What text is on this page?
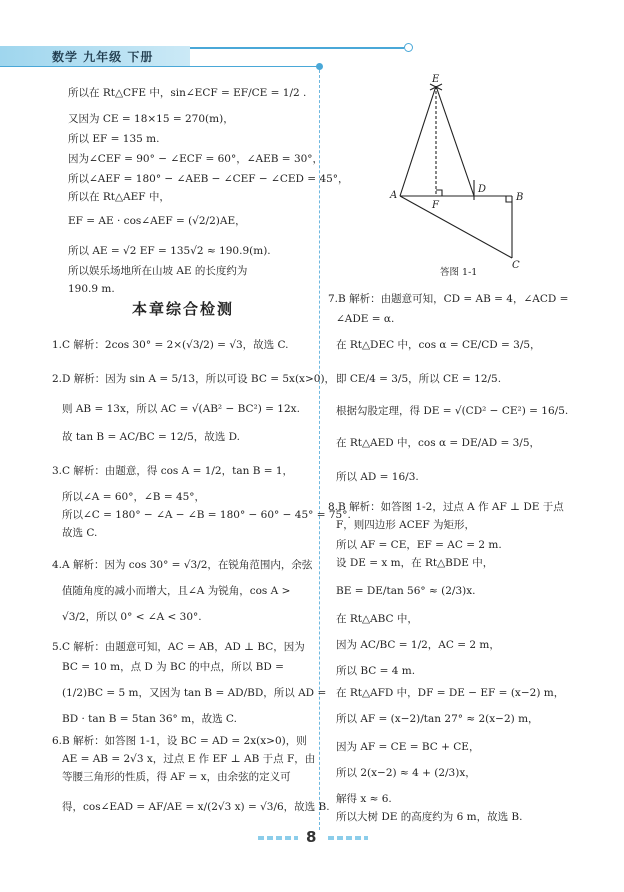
数学 九年级 下册
所以在 Rt△CFE 中，sin∠ECF = EF/CE = 1/2 .
又因为 CE = 18×15 = 270(m)，
所以 EF = 135 m.
因为∠CEF = 90° − ∠ECF = 60°，∠AEB = 30°，
所以∠AEF = 180° − ∠AEB − ∠CEF − ∠CED = 45°，
所以在 Rt△AEF 中，
EF = AE · cos∠AEF = (√2/2)AE，
所以 AE = √2 EF = 135√2 ≈ 190.9(m).
所以娱乐场地所在山坡 AE 的长度约为
190.9 m.
本章综合检测
1.C 解析：2cos 30° = 2×(√3/2) = √3，故选 C.
2.D 解析：因为 sin A = 5/13，所以可设 BC = 5x(x>0)，
则 AB = 13x，所以 AC = √(AB² − BC²) = 12x.
故 tan B = AC/BC = 12/5，故选 D.
3.C 解析：由题意，得 cos A = 1/2，tan B = 1，
所以∠A = 60°，∠B = 45°，
所以∠C = 180° − ∠A − ∠B = 180° − 60° − 45° = 75°.
故选 C.
4.A 解析：因为 cos 30° = √3/2，在锐角范围内，余弦
值随角度的减小而增大，且∠A 为锐角，cos A >
√3/2，所以 0° < ∠A < 30°.
5.C 解析：由题意可知，AC = AB，AD ⊥ BC，因为
BC = 10 m，点 D 为 BC 的中点，所以 BD =
(1/2)BC = 5 m，又因为 tan B = AD/BD，所以 AD =
BD · tan B = 5tan 36° m，故选 C.
6.B 解析：如答图 1-1，设 BC = AD = 2x(x>0)，则
AE = AB = 2√3 x，过点 E 作 EF ⊥ AB 于点 F，由
等腰三角形的性质，得 AF = x，由余弦的定义可
得，cos∠EAD = AF/AE = x/(2√3 x) = √3/6，故选 B.
E
A
F
D
B
C
答图 1-1
7.B 解析：由题意可知，CD = AB = 4，∠ACD =
∠ADE = α.
在 Rt△DEC 中，cos α = CE/CD = 3/5，
即 CE/4 = 3/5，所以 CE = 12/5.
根据勾股定理，得 DE = √(CD² − CE²) = 16/5.
在 Rt△AED 中，cos α = DE/AD = 3/5，
所以 AD = 16/3.
8.B 解析：如答图 1-2，过点 A 作 AF ⊥ DE 于点
F，则四边形 ACEF 为矩形，
所以 AF = CE，EF = AC = 2 m.
设 DE = x m，在 Rt△BDE 中，
BE = DE/tan 56° ≈ (2/3)x.
在 Rt△ABC 中，
因为 AC/BC = 1/2，AC = 2 m，
所以 BC = 4 m.
在 Rt△AFD 中，DF = DE − EF = (x−2) m，
所以 AF = (x−2)/tan 27° ≈ 2(x−2) m，
因为 AF = CE = BC + CE，
所以 2(x−2) ≈ 4 + (2/3)x，
解得 x ≈ 6.
所以大树 DE 的高度约为 6 m，故选 B.
8
